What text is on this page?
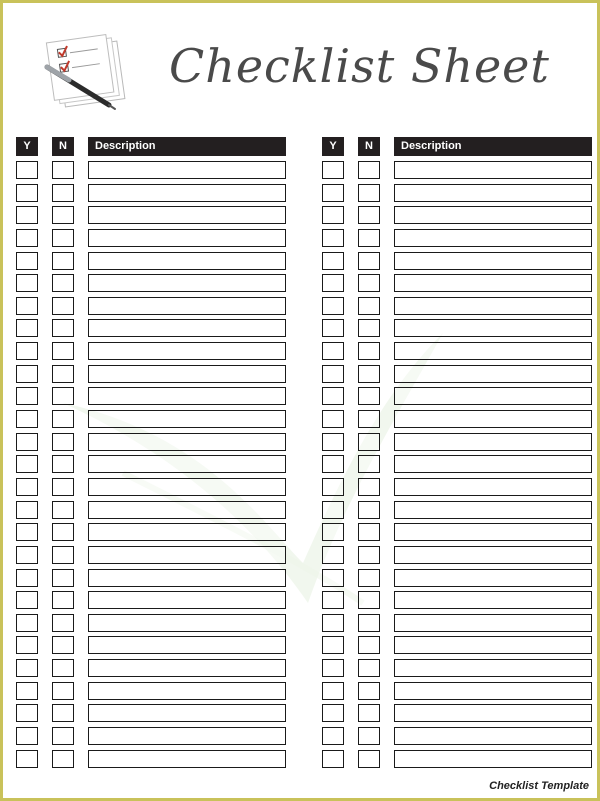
Checklist Sheet
Y	N	Description	Y	N	Description
Checklist Template
